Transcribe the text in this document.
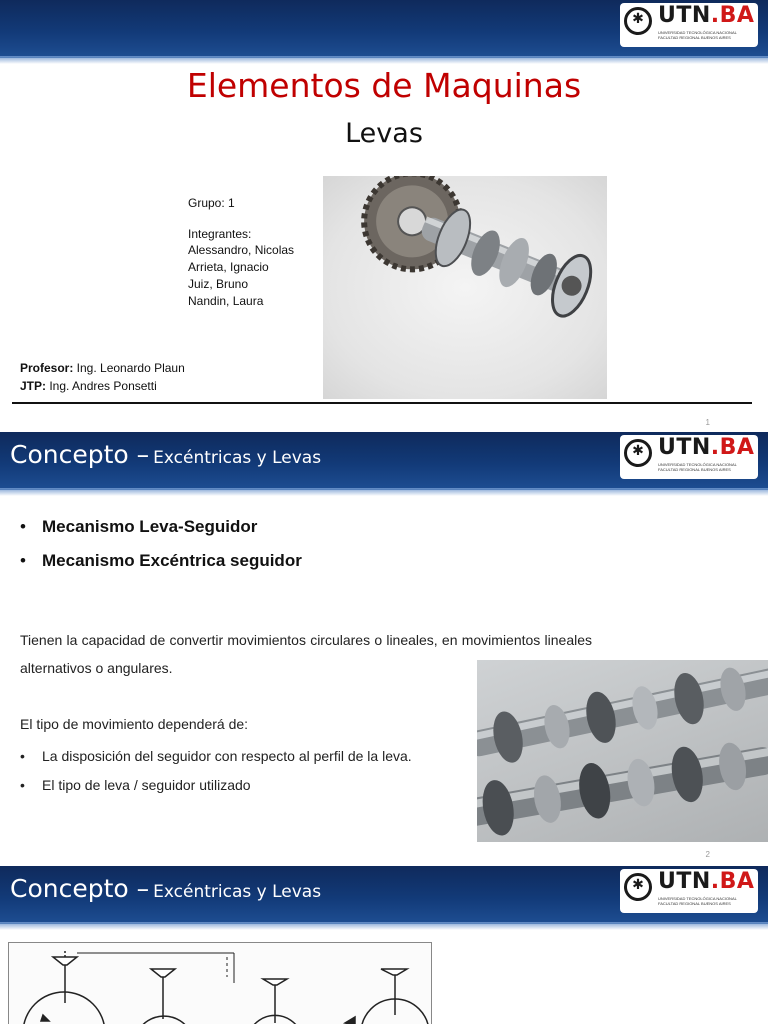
✱ UTN.BA
UNIVERSIDAD TECNOLÓGICA NACIONAL FACULTAD REGIONAL BUENOS AIRES
Elementos de Maquinas
Levas
Grupo: 1
Integrantes:
Alessandro, Nicolas
Arrieta, Ignacio
Juiz, Bruno
Nandin, Laura
Profesor: Ing. Leonardo Plaun
JTP: Ing. Andres Ponsetti
1
Concepto – Excéntricas y Levas	✱ UTN.BA
UNIVERSIDAD TECNOLÓGICA NACIONAL FACULTAD REGIONAL BUENOS AIRES
• Mecanismo Leva-Seguidor
• Mecanismo Excéntrica seguidor
Tienen la capacidad de convertir movimientos circulares o lineales, en movimientos lineales alternativos o angulares.
El tipo de movimiento dependerá de:
• La disposición del seguidor con respecto al perfil de la leva.
• El tipo de leva / seguidor utilizado
2
Concepto – Excéntricas y Levas	✱ UTN.BA
UNIVERSIDAD TECNOLÓGICA NACIONAL FACULTAD REGIONAL BUENOS AIRES
